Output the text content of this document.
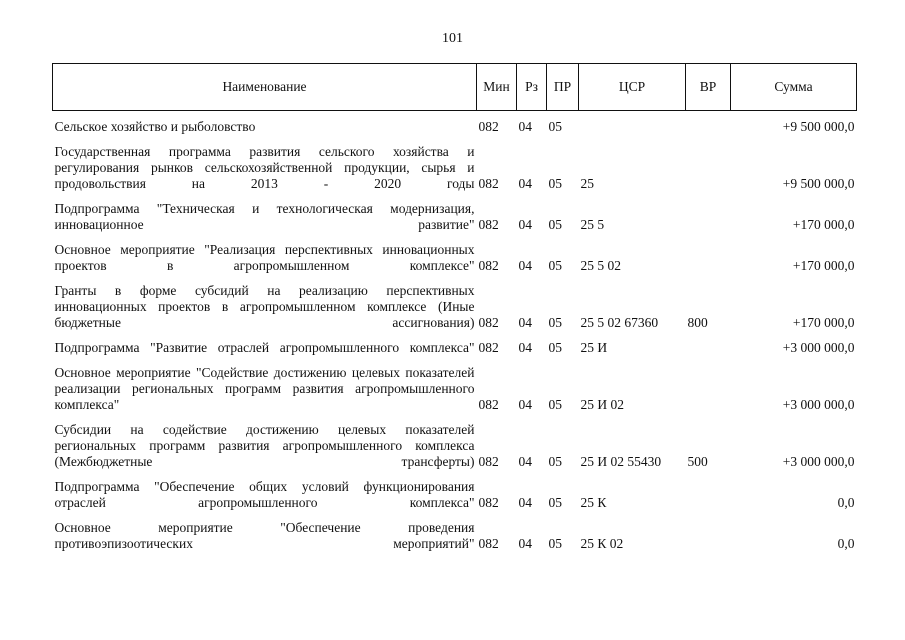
101
Наименование	Мин	Рз	ПР	ЦСР	ВР	Сумма
Сельское хозяйство и рыболовство	082	04	05			+9 500 000,0
Государственная программа развития сельского хозяйства и регулирования рынков сельскохозяйственной продукции, сырья и продовольствия на 2013 - 2020 годы	082	04	05	25		+9 500 000,0
Подпрограмма "Техническая и технологическая модернизация, инновационное развитие"	082	04	05	25 5		+170 000,0
Основное мероприятие "Реализация перспективных инновационных проектов в агропромышленном комплексе"	082	04	05	25 5 02		+170 000,0
Гранты в форме субсидий на реализацию перспективных инновационных проектов в агропромышленном комплексе (Иные бюджетные ассигнования)	082	04	05	25 5 02 67360	800	+170 000,0
Подпрограмма "Развитие отраслей агропромышленного комплекса"	082	04	05	25 И		+3 000 000,0
Основное мероприятие "Содействие достижению целевых показателей реализации региональных программ развития агропромышленного комплекса"	082	04	05	25 И 02		+3 000 000,0
Субсидии на содействие достижению целевых показателей региональных программ развития агропромышленного комплекса (Межбюджетные трансферты)	082	04	05	25 И 02 55430	500	+3 000 000,0
Подпрограмма "Обеспечение общих условий функционирования отраслей агропромышленного комплекса"	082	04	05	25 К		0,0
Основное мероприятие "Обеспечение проведения противоэпизоотических мероприятий"	082	04	05	25 К 02		0,0
